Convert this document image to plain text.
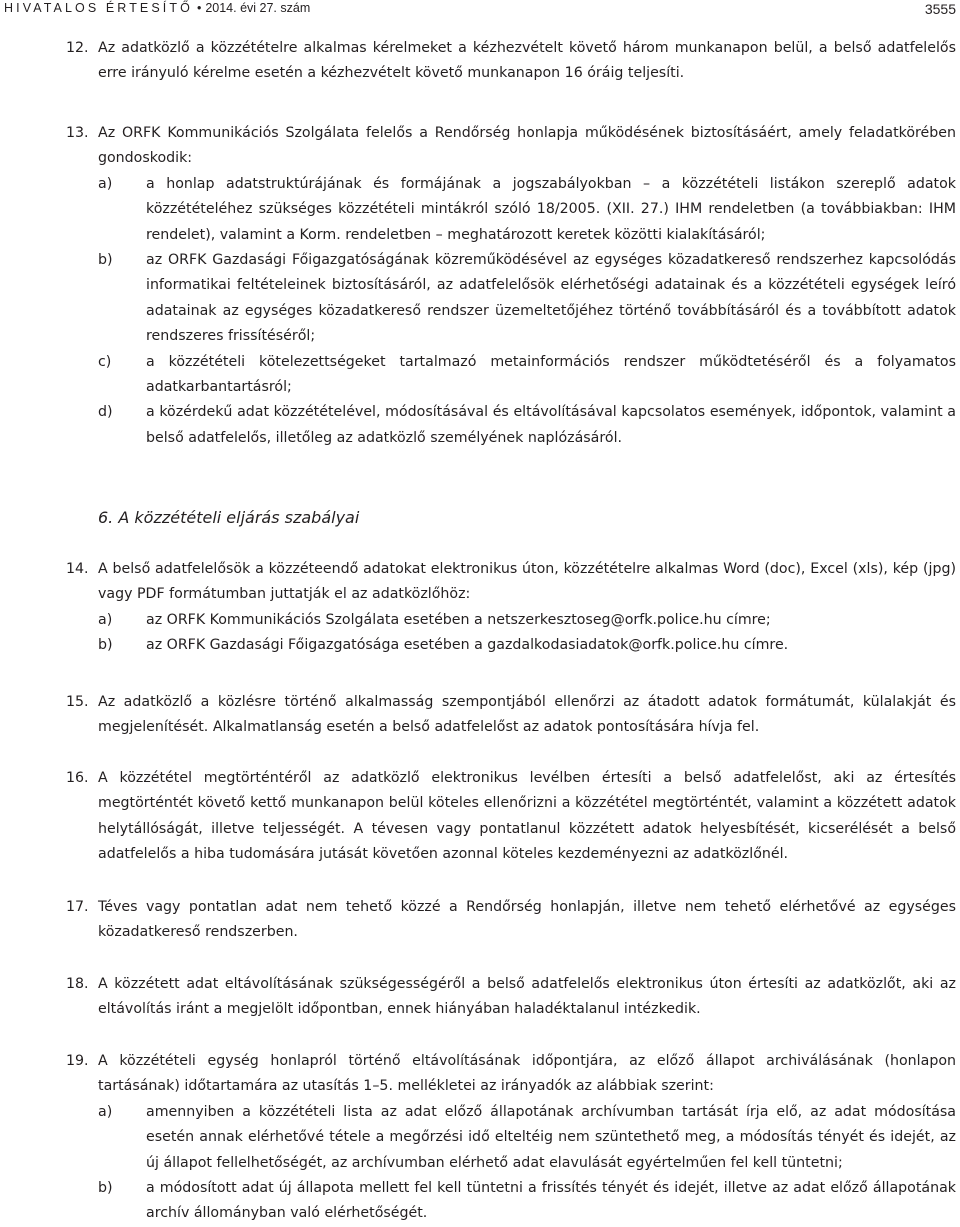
HIVATALOS ÉRTESÍTŐ • 2014. évi 27. szám	3555
12. Az adatközlő a közzétételre alkalmas kérelmeket a kézhezvételt követő három munkanapon belül, a belső adatfelelős erre irányuló kérelme esetén a kézhezvételt követő munkanapon 16 óráig teljesíti.
13. Az ORFK Kommunikációs Szolgálata felelős a Rendőrség honlapja működésének biztosításáért, amely feladatkörében gondoskodik:
a) a honlap adatstruktúrájának és formájának a jogszabályokban – a közzétételi listákon szereplő adatok közzétételéhez szükséges közzétételi mintákról szóló 18/2005. (XII. 27.) IHM rendeletben (a továbbiakban: IHM rendelet), valamint a Korm. rendeletben – meghatározott keretek közötti kialakításáról;
b) az ORFK Gazdasági Főigazgatóságának közreműködésével az egységes közadatkereső rendszerhez kapcsolódás informatikai feltételeinek biztosításáról, az adatfelelősök elérhetőségi adatainak és a közzétételi egységek leíró adatainak az egységes közadatkereső rendszer üzemeltetőjéhez történő továbbításáról és a továbbított adatok rendszeres frissítéséről;
c) a közzétételi kötelezettségeket tartalmazó metainformációs rendszer működtetéséről és a folyamatos adatkarbantartásról;
d) a közérdekű adat közzétételével, módosításával és eltávolításával kapcsolatos események, időpontok, valamint a belső adatfelelős, illetőleg az adatközlő személyének naplózásáról.
6. A közzétételi eljárás szabályai
14. A belső adatfelelősök a közzéteendő adatokat elektronikus úton, közzétételre alkalmas Word (doc), Excel (xls), kép (jpg) vagy PDF formátumban juttatják el az adatközlőhöz:
a) az ORFK Kommunikációs Szolgálata esetében a netszerkesztoseg@orfk.police.hu címre;
b) az ORFK Gazdasági Főigazgatósága esetében a gazdalkodasiadatok@orfk.police.hu címre.
15. Az adatközlő a közlésre történő alkalmasság szempontjából ellenőrzi az átadott adatok formátumát, külalakját és megjelenítését. Alkalmatlanság esetén a belső adatfelelőst az adatok pontosítására hívja fel.
16. A közzététel megtörténtéről az adatközlő elektronikus levélben értesíti a belső adatfelelőst, aki az értesítés megtörténtét követő kettő munkanapon belül köteles ellenőrizni a közzététel megtörténtét, valamint a közzétett adatok helytállóságát, illetve teljességét. A tévesen vagy pontatlanul közzétett adatok helyesbítését, kicserélését a belső adatfelelős a hiba tudomására jutását követően azonnal köteles kezdeményezni az adatközlőnél.
17. Téves vagy pontatlan adat nem tehető közzé a Rendőrség honlapján, illetve nem tehető elérhetővé az egységes közadatkereső rendszerben.
18. A közzétett adat eltávolításának szükségességéről a belső adatfelelős elektronikus úton értesíti az adatközlőt, aki az eltávolítás iránt a megjelölt időpontban, ennek hiányában haladéktalanul intézkedik.
19. A közzétételi egység honlapról történő eltávolításának időpontjára, az előző állapot archiválásának (honlapon tartásának) időtartamára az utasítás 1–5. mellékletei az irányadók az alábbiak szerint:
a) amennyiben a közzétételi lista az adat előző állapotának archívumban tartását írja elő, az adat módosítása esetén annak elérhetővé tétele a megőrzési idő elteltéig nem szüntethető meg, a módosítás tényét és idejét, az új állapot fellelhetőségét, az archívumban elérhető adat elavulását egyértelműen fel kell tüntetni;
b) a módosított adat új állapota mellett fel kell tüntetni a frissítés tényét és idejét, illetve az adat előző állapotának archív állományban való elérhetőségét.
